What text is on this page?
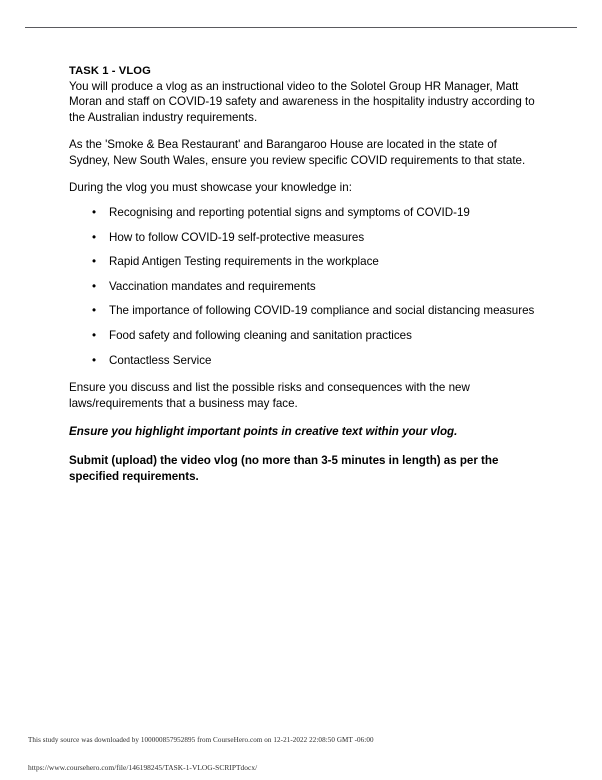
TASK 1 - VLOG

You will produce a vlog as an instructional video to the Solotel Group HR Manager, Matt Moran and staff on COVID-19 safety and awareness in the hospitality industry according to the Australian industry requirements.

As the 'Smoke & Bea Restaurant' and Barangaroo House are located in the state of Sydney, New South Wales, ensure you review specific COVID requirements to that state.

During the vlog you must showcase your knowledge in:

• Recognising and reporting potential signs and symptoms of COVID-19
• How to follow COVID-19 self-protective measures
• Rapid Antigen Testing requirements in the workplace
• Vaccination mandates and requirements
• The importance of following COVID-19 compliance and social distancing measures
• Food safety and following cleaning and sanitation practices
• Contactless Service

Ensure you discuss and list the possible risks and consequences with the new laws/requirements that a business may face.

Ensure you highlight important points in creative text within your vlog.

Submit (upload) the video vlog (no more than 3-5 minutes in length) as per the specified requirements.

This study source was downloaded by 100000857952895 from CourseHero.com on 12-21-2022 22:08:50 GMT -06:00
https://www.coursehero.com/file/146198245/TASK-1-VLOG-SCRIPTdocx/
